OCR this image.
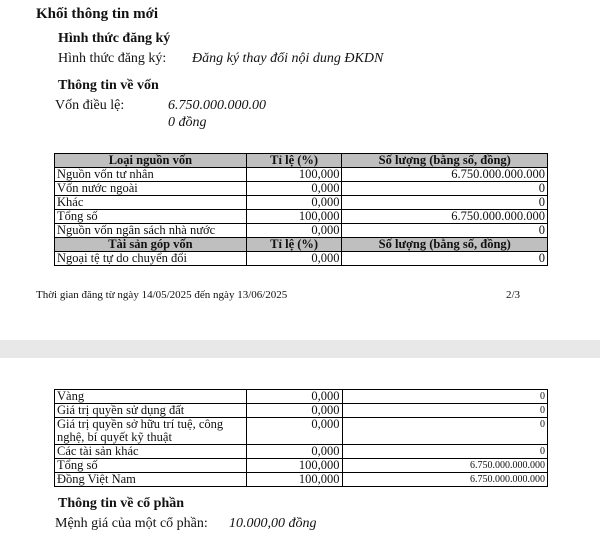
Khối thông tin mới
Hình thức đăng ký
Hình thức đăng ký: Đăng ký thay đổi nội dung ĐKDN
Thông tin về vốn
Vốn điều lệ:	6.750.000.000.00
0 đồng
Loại nguồn vốn	Tỉ lệ (%)	Số lượng (bằng số, đồng)
Nguồn vốn tư nhân	100,000	6.750.000.000.000
Vốn nước ngoài	0,000	0
Khác	0,000	0
Tổng số	100,000	6.750.000.000.000
Nguồn vốn ngân sách nhà nước	0,000	0
Tài sản góp vốn	Tỉ lệ (%)	Số lượng (bằng số, đồng)
Ngoại tệ tự do chuyển đổi	0,000	0
Thời gian đăng từ ngày 14/05/2025 đến ngày 13/06/2025	2/3
Vàng	0,000	0
Giá trị quyền sử dụng đất	0,000	0
Giá trị quyền sở hữu trí tuệ, công nghệ, bí quyết kỹ thuật	0,000	0
Các tài sản khác	0,000	0
Tổng số	100,000	6.750.000.000.000
Đồng Việt Nam	100,000	6.750.000.000.000
Thông tin về cổ phần
Mệnh giá của một cổ phần: 10.000,00 đồng
